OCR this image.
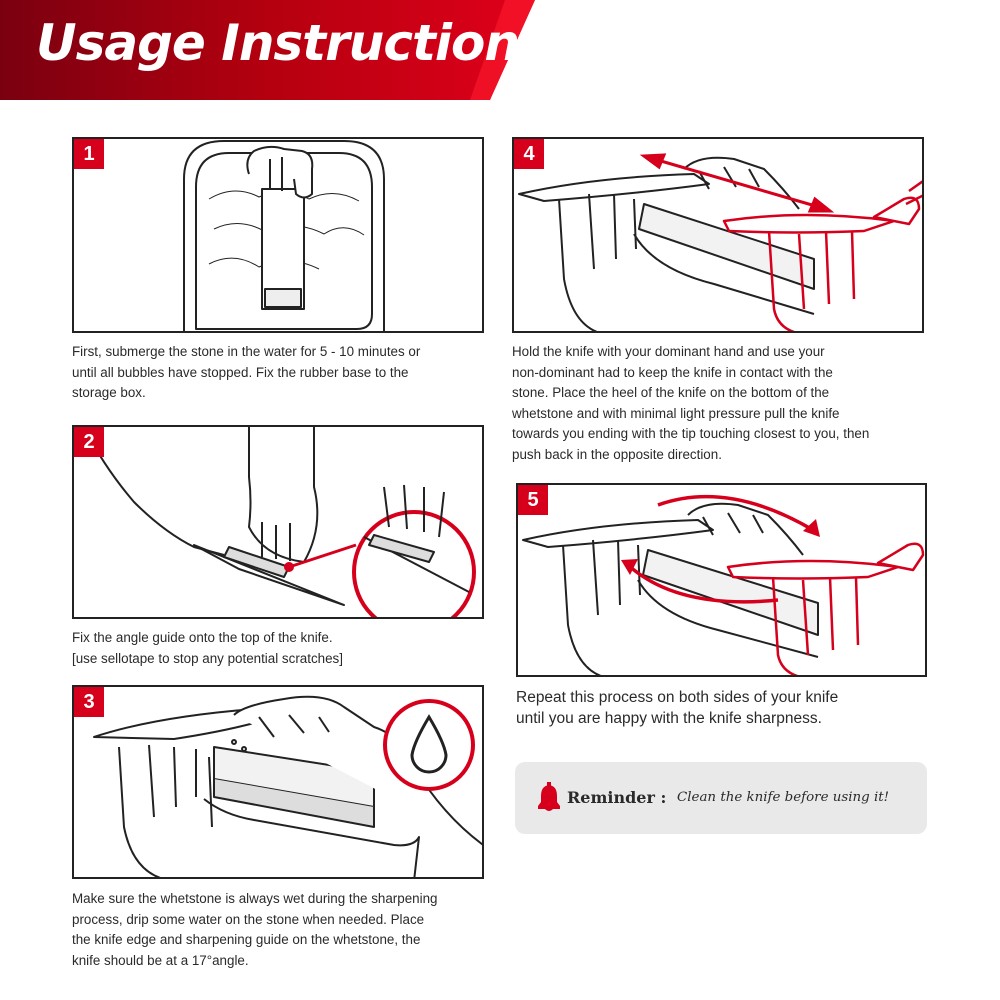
Usage Instruction
1

First, submerge the stone in the water for 5 - 10 minutes or
until all bubbles have stopped. Fix the rubber base to the
storage box.

2

Fix the angle guide onto the top of the knife.
[use sellotape to stop any potential scratches]

3

Make sure the whetstone is always wet during the sharpening
process, drip some water on the stone when needed. Place
the knife edge and sharpening guide on the whetstone, the
knife should be at a 17°angle.

4

Hold the knife with your dominant hand and use your
non-dominant had to keep the knife in contact with the
stone. Place the heel of the knife on the bottom of the
whetstone and with minimal light pressure pull the knife
towards you ending with the tip touching closest to you, then
push back in the opposite direction.

5

Repeat this process on both sides of your knife
until you are happy with the knife sharpness.

Reminder : Clean the knife before using it!
